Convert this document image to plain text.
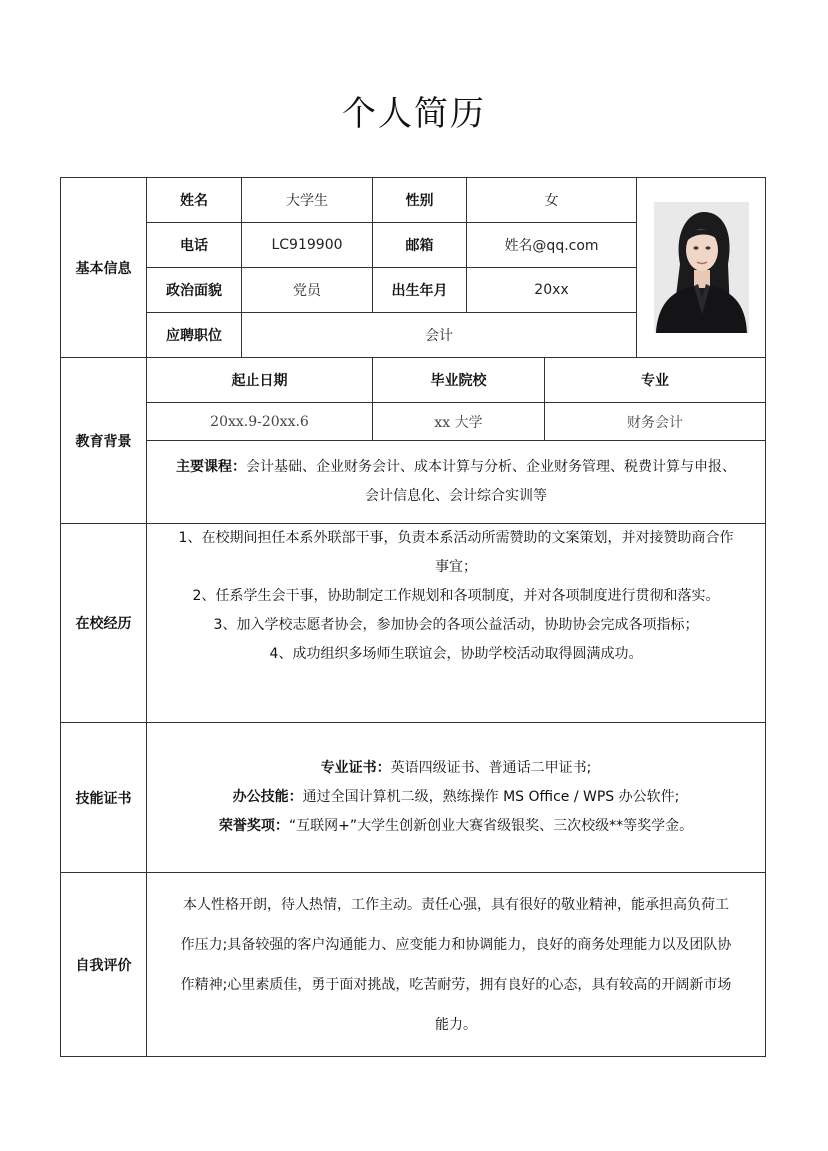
个人简历
基本信息	姓名	大学生	性别	女	

	电话	LC919900	邮箱	姓名@qq.com		
	政治面貌	党员	出生年月	20xx		
	应聘职位	会计				
教育背景	起止日期		毕业院校		专业	
	20xx.9-20xx.6		xx 大学		财务会计	

	主要课程：会计基础、企业财务会计、成本计算与分析、企业财务管理、税费计算与申报、
会计信息化、会计综合实训等					

在校经历	1、在校期间担任本系外联部干事，负责本系活动所需赞助的文案策划，并对接赞助商合作
事宜；
2、任系学生会干事，协助制定工作规划和各项制度，并对各项制度进行贯彻和落实。
3、加入学校志愿者协会，参加协会的各项公益活动，协助协会完成各项指标；
4、成功组织多场师生联谊会，协助学校活动取得圆满成功。					

技能证书	专业证书：英语四级证书、普通话二甲证书;
办公技能：通过全国计算机二级，熟练操作 MS Office / WPS 办公软件;
荣誉奖项：“互联网+”大学生创新创业大赛省级银奖、三次校级**等奖学金。					

自我评价	本人性格开朗，待人热情，工作主动。责任心强，具有很好的敬业精神，能承担高负荷工
作压力;具备较强的客户沟通能力、应变能力和协调能力，良好的商务处理能力以及团队协
作精神;心里素质佳，勇于面对挑战，吃苦耐劳，拥有良好的心态，具有较高的开阔新市场
能力。					
